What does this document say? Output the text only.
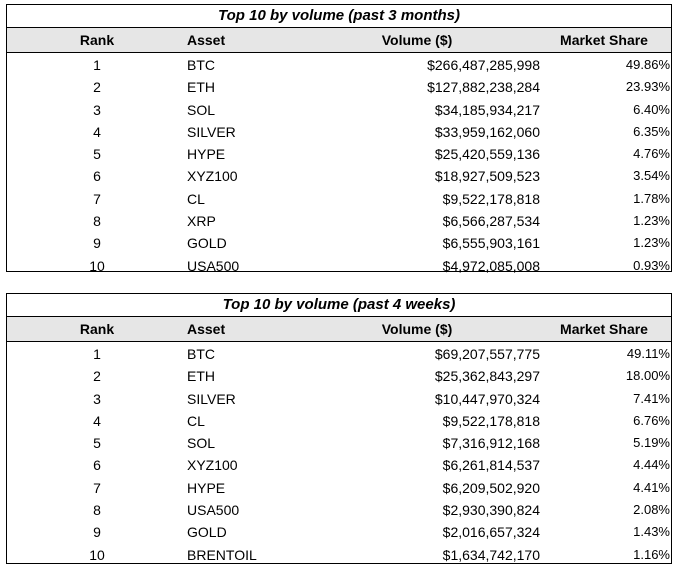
Top 10 by volume (past 3 months)
Rank	Asset	Volume ($)	Market Share
1	BTC	$266,487,285,998	49.86%
2	ETH	$127,882,238,284	23.93%
3	SOL	$34,185,934,217	6.40%
4	SILVER	$33,959,162,060	6.35%
5	HYPE	$25,420,559,136	4.76%
6	XYZ100	$18,927,509,523	3.54%
7	CL	$9,522,178,818	1.78%
8	XRP	$6,566,287,534	1.23%
9	GOLD	$6,555,903,161	1.23%
10	USA500	$4,972,085,008	0.93%
Top 10 by volume (past 4 weeks)
Rank	Asset	Volume ($)	Market Share
1	BTC	$69,207,557,775	49.11%
2	ETH	$25,362,843,297	18.00%
3	SILVER	$10,447,970,324	7.41%
4	CL	$9,522,178,818	6.76%
5	SOL	$7,316,912,168	5.19%
6	XYZ100	$6,261,814,537	4.44%
7	HYPE	$6,209,502,920	4.41%
8	USA500	$2,930,390,824	2.08%
9	GOLD	$2,016,657,324	1.43%
10	BRENTOIL	$1,634,742,170	1.16%
